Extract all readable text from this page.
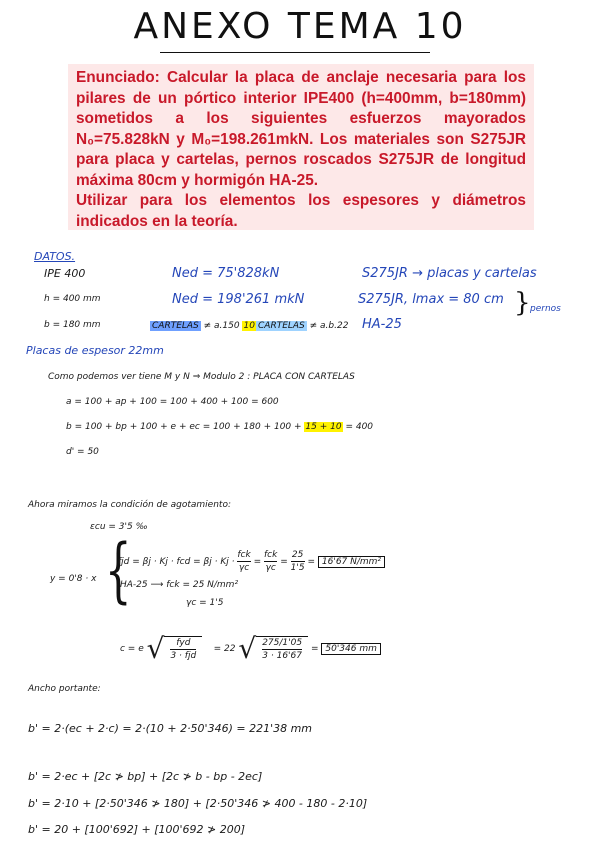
ANEXO TEMA 10

Enunciado: Calcular la placa de anclaje necesaria para los pilares de un pórtico interior IPE400 (h=400mm, b=180mm) sometidos a los siguientes esfuerzos mayorados N₀=75.828kN y M₀=198.261mkN. Los materiales son S275JR para placa y cartelas, pernos roscados S275JR de longitud máxima 80cm y hormigón HA-25.

Utilizar para los elementos los espesores y diámetros indicados en la teoría.

DATOS.
IPE 400
h = 400 mm
b = 180 mm
Ned = 75'828kN
Ned = 198'261 mkN
CARTELAS ≠ a.150 10 CARTELAS ≠ a.b.22
S275JR → placas y cartelas
S275JR, lmax = 80 cm } pernos
HA-25
Placas de espesor 22mm
Como podemos ver tiene M y N ⇒ Modulo 2 : PLACA CON CARTELAS
a = 100 + ap + 100 = 100 + 400 + 100 = 600
b = 100 + bp + 100 + e + ec = 100 + 180 + 100 + 15 + 10 = 400
d' = 50
Ahora miramos la condición de agotamiento:
εcu = 3'5 ‰
{
y = 0'8 · x
fjd = βj · Kj · fcd = $\beta j \cdot Kj \cdot \frac{\text{fck}}{\gamma c} = \frac{\text{fck}}{\gamma c} = \frac{25}{1'5} = 16'67$ N/mm²
HA-25 ⟶ fck = 25 N/mm²
γc = 1'5
c = e √ $\frac{\text{fyd}}{\text{3 · fjd}} = 22$ √ $\frac{275/1'05}{3 \cdot 16'67} = 50'346$ mm
Ancho portante:
b' = 2·(ec + 2·c) = 2·(10 + 2·50'346) = 221'38 mm
b' = 2·ec + [2c ≯ bp] + [2c ≯ b - bp - 2ec]
b' = 2·10 + [2·50'346 ≯ 180] + [2·50'346 ≯ 400 - 180 - 2·10]
b' = 20 + [100'692] + [100'692 ≯ 200]
